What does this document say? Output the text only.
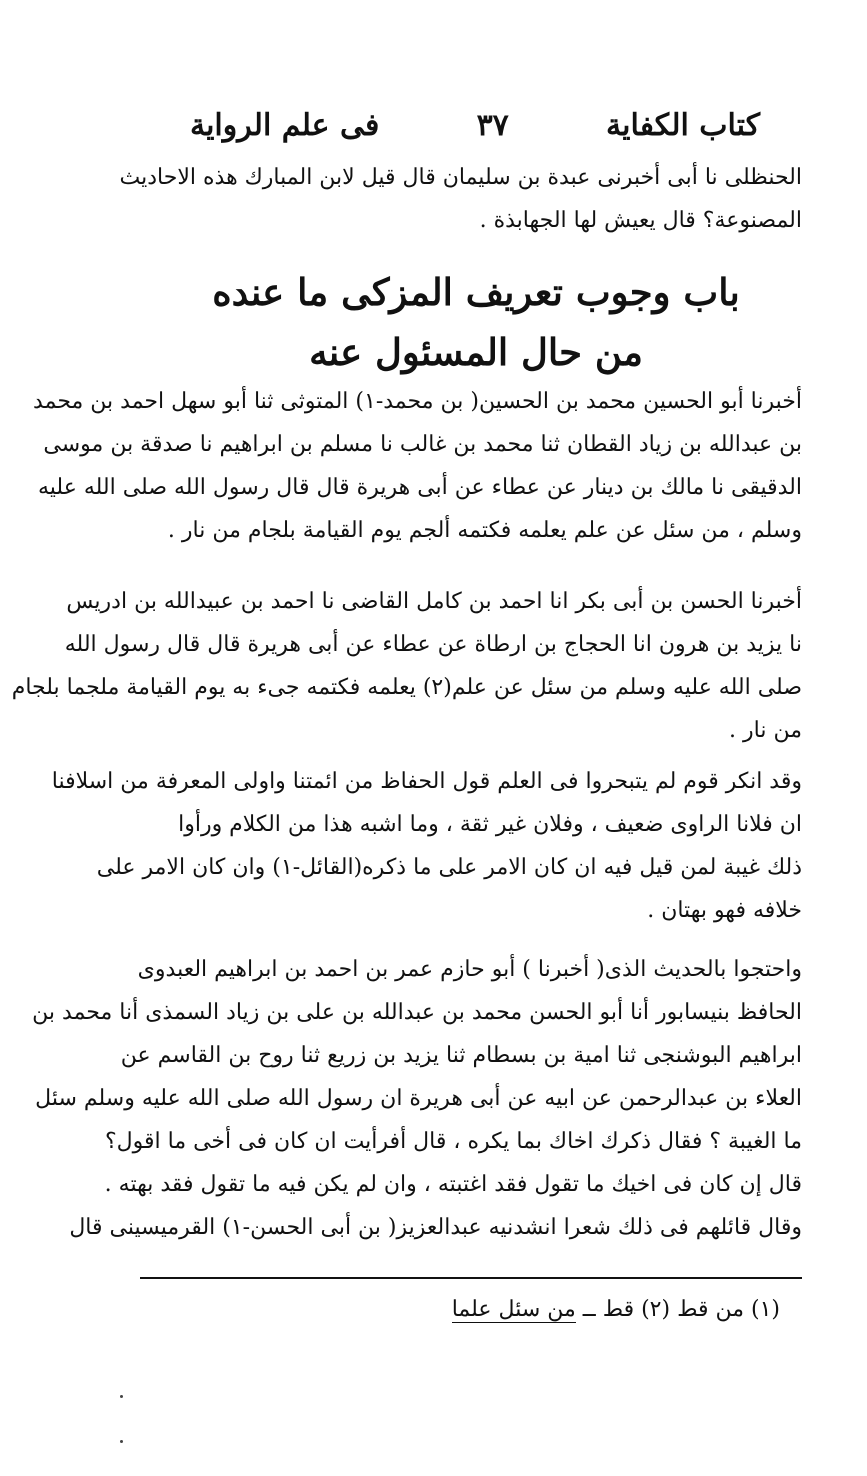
كتاب الكفاية
٣٧
فى علم الرواية
الحنظلى نا أبى أخبرنى عبدة بن سليمان قال قيل لابن المبارك هذه الاحاديث
المصنوعة؟ قال يعيش لها الجهابذة .
باب وجوب تعريف المزكى ما عنده
من حال المسئول عنه
أخبرنا أبو الحسين محمد بن الحسين( بن محمد-١) المتوثى ثنا أبو سهل احمد بن محمد
بن عبدالله بن زياد القطان ثنا محمد بن غالب نا مسلم بن ابراهيم نا صدقة بن موسى
الدقيقى نا مالك بن دينار عن عطاء عن أبى هريرة قال قال رسول الله صلى الله عليه
وسلم ، من سئل عن علم يعلمه فكتمه ألجم يوم القيامة بلجام من نار .
أخبرنا الحسن بن أبى بكر انا احمد بن كامل القاضى نا احمد بن عبيدالله بن ادريس
نا يزيد بن هرون انا الحجاج بن ارطاة عن عطاء عن أبى هريرة قال قال رسول الله
صلى الله عليه وسلم من سئل عن علم(٢) يعلمه فكتمه جىء به يوم القيامة ملجما بلجام
من نار .
وقد انكر قوم لم يتبحروا فى العلم قول الحفاظ من ائمتنا واولى المعرفة من اسلافنا
ان فلانا الراوى ضعيف ، وفلان غير ثقة ، وما اشبه هذا من الكلام ورأوا
ذلك غيبة لمن قيل فيه ان كان الامر على ما ذكره(القائل-١) وان كان الامر على
خلافه فهو بهتان .
واحتجوا بالحديث الذى( أخبرنا ) أبو حازم عمر بن احمد بن ابراهيم العبدوى
الحافظ بنيسابور أنا أبو الحسن محمد بن عبدالله بن على بن زياد السمذى أنا محمد بن
ابراهيم البوشنجى ثنا امية بن بسطام ثنا يزيد بن زريع ثنا روح بن القاسم عن
العلاء بن عبدالرحمن عن ابيه عن أبى هريرة ان رسول الله صلى الله عليه وسلم سئل
ما الغيبة ؟ فقال ذكرك اخاك بما يكره ، قال أفرأيت ان كان فى أخى ما اقول؟
قال إن كان فى اخيك ما تقول فقد اغتبته ، وان لم يكن فيه ما تقول فقد بهته .
وقال قائلهم فى ذلك شعرا انشدنيه عبدالعزيز( بن أبى الحسن-١) القرميسينى قال
(١) من قط (٢) قط ــ من سئل علما
